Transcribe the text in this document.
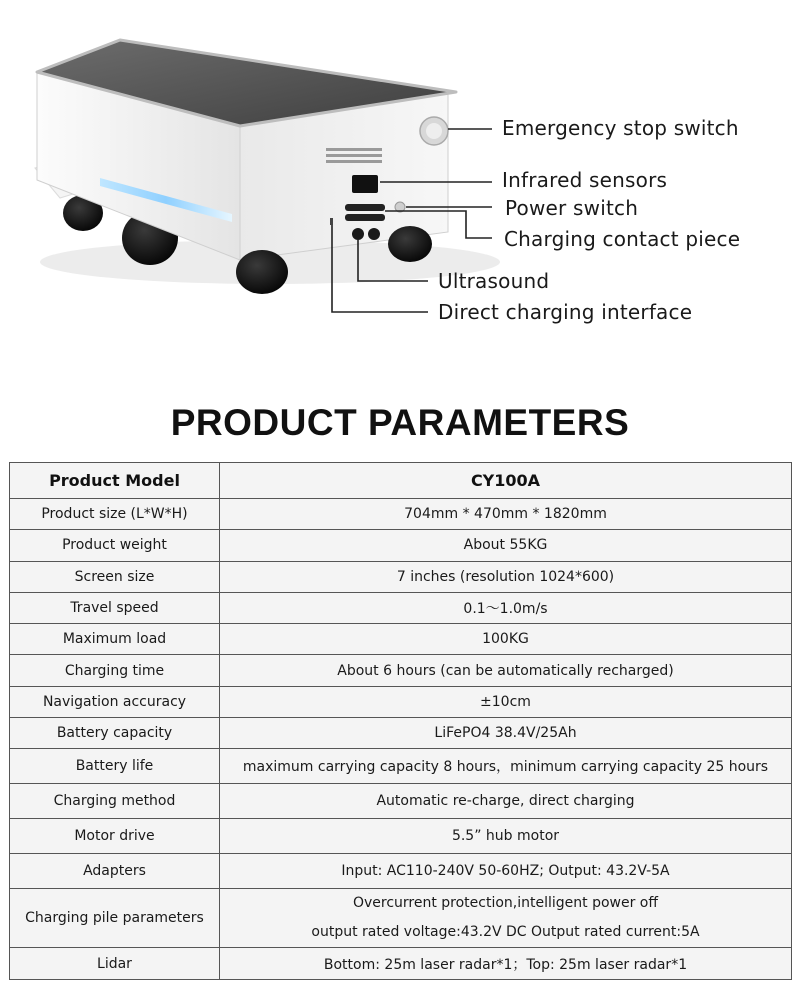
Emergency stop switch
Infrared sensors
Power switch
Charging contact piece
Ultrasound
Direct charging interface
PRODUCT PARAMETERS
Product Model	CY100A
Product size (L*W*H)	704mm * 470mm * 1820mm
Product weight	About 55KG
Screen size	7 inches (resolution 1024*600)
Travel speed	0.1～1.0m/s
Maximum load	100KG
Charging time	About 6 hours (can be automatically recharged)
Navigation accuracy	±10cm
Battery capacity	LiFePO4 38.4V/25Ah
Battery life	maximum carrying capacity 8 hours，minimum carrying capacity 25 hours
Charging method	Automatic re-charge, direct charging
Motor drive	5.5” hub motor
Adapters	Input: AC110-240V 50-60HZ; Output: 43.2V-5A
Charging pile parameters	Overcurrent protection,intelligent power off
output rated voltage:43.2V DC Output rated current:5A

Lidar	Bottom: 25m laser radar*1；Top: 25m laser radar*1
